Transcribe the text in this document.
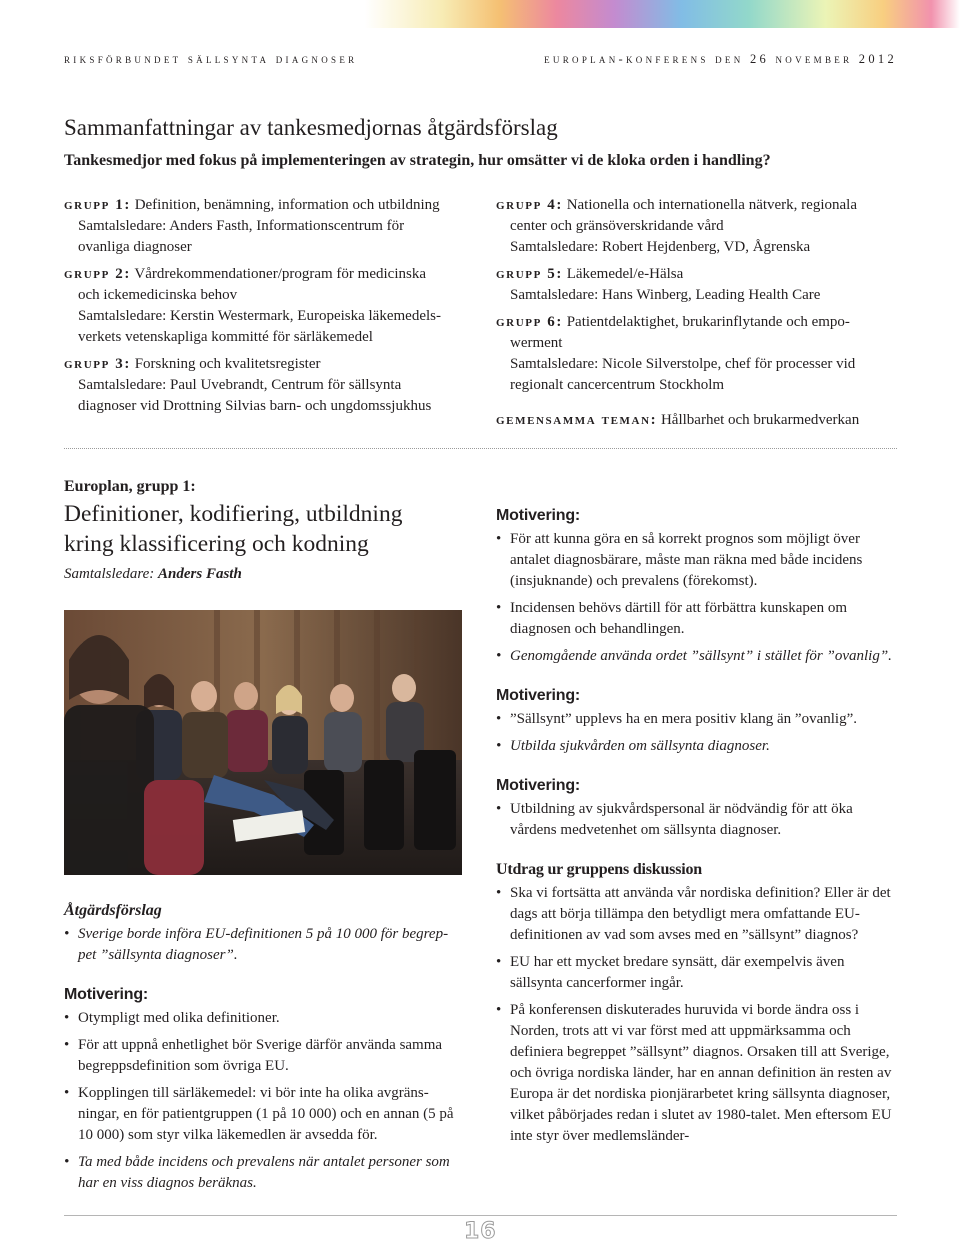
riksförbundet sällsynta diagnoser	europlan-konferens den 26 november 2012
Sammanfattningar av tankesmedjornas åtgärdsförslag

Tankesmedjor med fokus på implementeringen av strategin, hur omsätter vi de kloka orden i handling?

grupp 1: Definition, benämning, information och utbildning
Samtalsledare: Anders Fasth, Informationscentrum för
ovanliga diagnoser
grupp 2: Vårdrekommendationer/program för medicinska
och ickemedicinska behov
Samtalsledare: Kerstin Westermark, Europeiska läkemedels-
verkets vetenskapliga kommitté för särläkemedel
grupp 3: Forskning och kvalitetsregister
Samtalsledare: Paul Uvebrandt, Centrum för sällsynta
diagnoser vid Drottning Silvias barn- och ungdomssjukhus
grupp 4: Nationella och internationella nätverk, regionala
center och gränsöverskridande vård
Samtalsledare: Robert Hejdenberg, VD, Ågrenska
grupp 5: Läkemedel/e-Hälsa
Samtalsledare: Hans Winberg, Leading Health Care
grupp 6: Patientdelaktighet, brukarinflytande och empo-
werment
Samtalsledare: Nicole Silverstolpe, chef för processer vid
regionalt cancercentrum Stockholm
gemensamma teman: Hållbarhet och brukarmedverkan
Europlan, grupp 1:
Definitioner, kodifiering, utbildning
kring klassificering och kodning
Samtalsledare: Anders Fasth

Åtgärdsförslag

• Sverige borde införa EU-definitionen 5 på 10 000 för begrep- pet ”sällsynta diagnoser”.

Motivering:

• Otympligt med olika definitioner.
• För att uppnå enhetlighet bör Sverige därför använda samma begreppsdefinition som övriga EU.
• Kopplingen till särläkemedel: vi bör inte ha olika avgräns- ningar, en för patientgruppen (1 på 10 000) och en annan (5 på 10 000) som styr vilka läkemedlen är avsedda för.
• Ta med både incidens och prevalens när antalet personer som har en viss diagnos beräknas.

Motivering:

• För att kunna göra en så korrekt prognos som möjligt över antalet diagnosbärare, måste man räkna med både incidens (insjuknande) och prevalens (förekomst).
• Incidensen behövs därtill för att förbättra kunskapen om diagnosen och behandlingen.
• Genomgående använda ordet ”sällsynt” i stället för ”ovanlig”.

Motivering:

• ”Sällsynt” upplevs ha en mera positiv klang än ”ovanlig”.
• Utbilda sjukvården om sällsynta diagnoser.

Motivering:

• Utbildning av sjukvårdspersonal är nödvändig för att öka vårdens medvetenhet om sällsynta diagnoser.

Utdrag ur gruppens diskussion

• Ska vi fortsätta att använda vår nordiska definition? Eller är det dags att börja tillämpa den betydligt mera omfattande EU-definitionen av vad som avses med en ”sällsynt” diagnos?
• EU har ett mycket bredare synsätt, där exempelvis även sällsynta cancerformer ingår.
• På konferensen diskuterades huruvida vi borde ändra oss i Norden, trots att vi var först med att uppmärksamma och definiera begreppet ”sällsynt” diagnos. Orsaken till att Sverige, och övriga nordiska länder, har en annan definition än resten av Europa är det nordiska pionjärarbetet kring sällsynta diagnoser, vilket påbörjades redan i slutet av 1980-talet. Men eftersom EU inte styr över medlemsländer-
16
